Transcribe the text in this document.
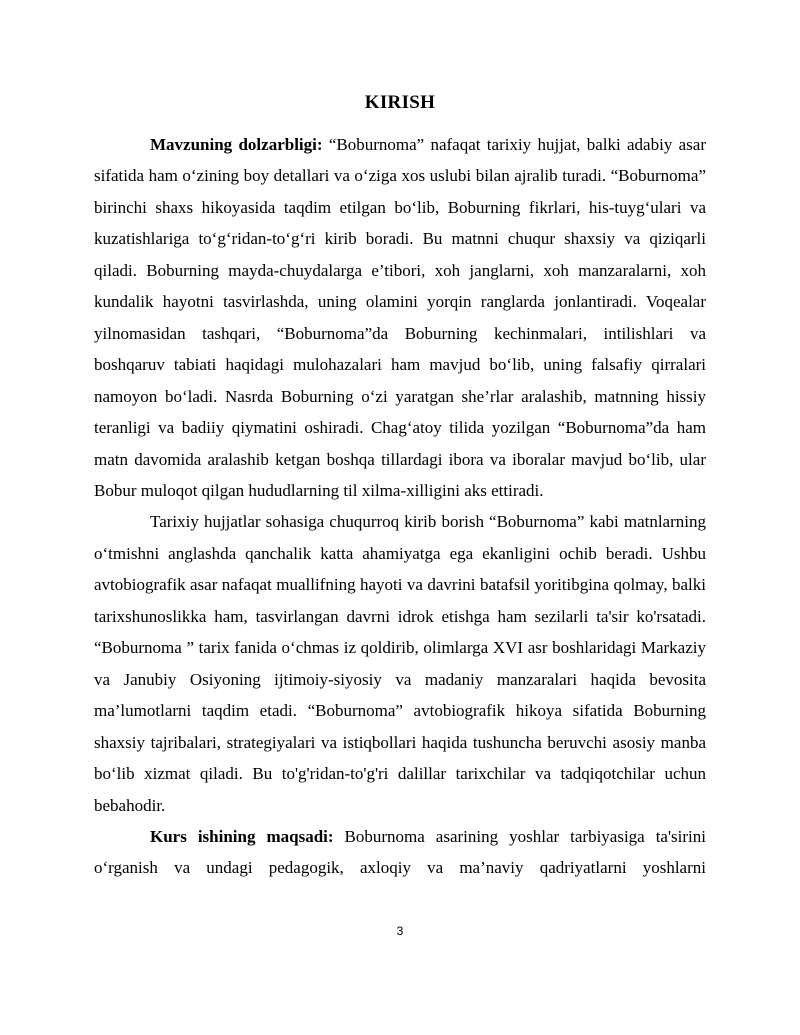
KIRISH

Mavzuning dolzarbligi: “Boburnoma” nafaqat tarixiy hujjat, balki adabiy asar sifatida ham o‘zining boy detallari va o‘ziga xos uslubi bilan ajralib turadi. “Boburnoma” birinchi shaxs hikoyasida taqdim etilgan bo‘lib, Boburning fikrlari, his-tuyg‘ulari va kuzatishlariga to‘g‘ridan-to‘g‘ri kirib boradi. Bu matnni chuqur shaxsiy va qiziqarli qiladi. Boburning mayda-chuydalarga e’tibori, xoh janglarni, xoh manzaralarni, xoh kundalik hayotni tasvirlashda, uning olamini yorqin ranglarda jonlantiradi. Voqealar yilnomasidan tashqari, “Boburnoma”da Boburning kechinmalari, intilishlari va boshqaruv tabiati haqidagi mulohazalari ham mavjud bo‘lib, uning falsafiy qirralari namoyon bo‘ladi. Nasrda Boburning o‘zi yaratgan she’rlar aralashib, matnning hissiy teranligi va badiiy qiymatini oshiradi. Chag‘atoy tilida yozilgan “Boburnoma”da ham matn davomida aralashib ketgan boshqa tillardagi ibora va iboralar mavjud bo‘lib, ular Bobur muloqot qilgan hududlarning til xilma-xilligini aks ettiradi.

Tarixiy hujjatlar sohasiga chuqurroq kirib borish “Boburnoma” kabi matnlarning o‘tmishni anglashda qanchalik katta ahamiyatga ega ekanligini ochib beradi. Ushbu avtobiografik asar nafaqat muallifning hayoti va davrini batafsil yoritibgina qolmay, balki tarixshunoslikka ham, tasvirlangan davrni idrok etishga ham sezilarli ta'sir ko'rsatadi. “Boburnoma ” tarix fanida o‘chmas iz qoldirib, olimlarga XVI asr boshlaridagi Markaziy va Janubiy Osiyoning ijtimoiy-siyosiy va madaniy manzaralari haqida bevosita ma’lumotlarni taqdim etadi. “Boburnoma” avtobiografik hikoya sifatida Boburning shaxsiy tajribalari, strategiyalari va istiqbollari haqida tushuncha beruvchi asosiy manba bo‘lib xizmat qiladi. Bu to'g'ridan-to'g'ri dalillar tarixchilar va tadqiqotchilar uchun bebahodir.

Kurs ishining maqsadi: Boburnoma asarining yoshlar tarbiyasiga ta'sirini o‘rganish va undagi pedagogik, axloqiy va ma’naviy qadriyatlarni yoshlarni

3
